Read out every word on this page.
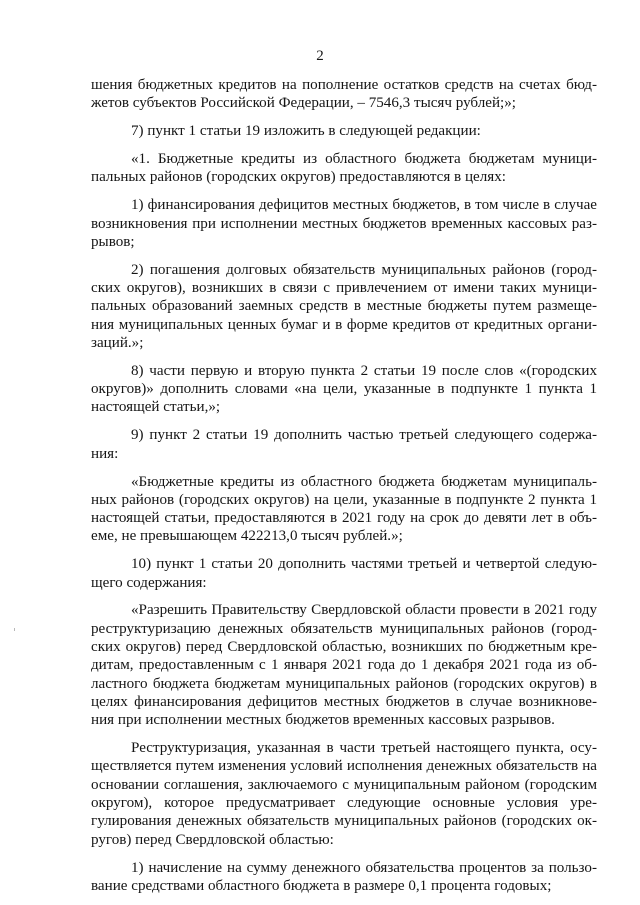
2

шения бюджетных кредитов на пополнение остатков средств на счетах бюджетов субъектов Российской Федерации, – 7546,3 тысяч рублей;»;

7) пункт 1 статьи 19 изложить в следующей редакции:

«1. Бюджетные кредиты из областного бюджета бюджетам муниципальных районов (городских округов) предоставляются в целях:

1) финансирования дефицитов местных бюджетов, в том числе в случае возникновения при исполнении местных бюджетов временных кассовых разрывов;

2) погашения долговых обязательств муниципальных районов (городских округов), возникших в связи с привлечением от имени таких муниципальных образований заемных средств в местные бюджеты путем размещения муниципальных ценных бумаг и в форме кредитов от кредитных организаций.»;

8) части первую и вторую пункта 2 статьи 19 после слов «(городских округов)» дополнить словами «на цели, указанные в подпункте 1 пункта 1 настоящей статьи,»;

9) пункт 2 статьи 19 дополнить частью третьей следующего содержания:

«Бюджетные кредиты из областного бюджета бюджетам муниципальных районов (городских округов) на цели, указанные в подпункте 2 пункта 1 настоящей статьи, предоставляются в 2021 году на срок до девяти лет в объеме, не превышающем 422213,0 тысяч рублей.»;

10) пункт 1 статьи 20 дополнить частями третьей и четвертой следующего содержания:

«Разрешить Правительству Свердловской области провести в 2021 году реструктуризацию денежных обязательств муниципальных районов (городских округов) перед Свердловской областью, возникших по бюджетным кредитам, предоставленным с 1 января 2021 года до 1 декабря 2021 года из областного бюджета бюджетам муниципальных районов (городских округов) в целях финансирования дефицитов местных бюджетов в случае возникновения при исполнении местных бюджетов временных кассовых разрывов.

Реструктуризация, указанная в части третьей настоящего пункта, осуществляется путем изменения условий исполнения денежных обязательств на основании соглашения, заключаемого с муниципальным районом (городским округом), которое предусматривает следующие основные условия урегулирования денежных обязательств муниципальных районов (городских округов) перед Свердловской областью:

1) начисление на сумму денежного обязательства процентов за пользование средствами областного бюджета в размере 0,1 процента годовых;
